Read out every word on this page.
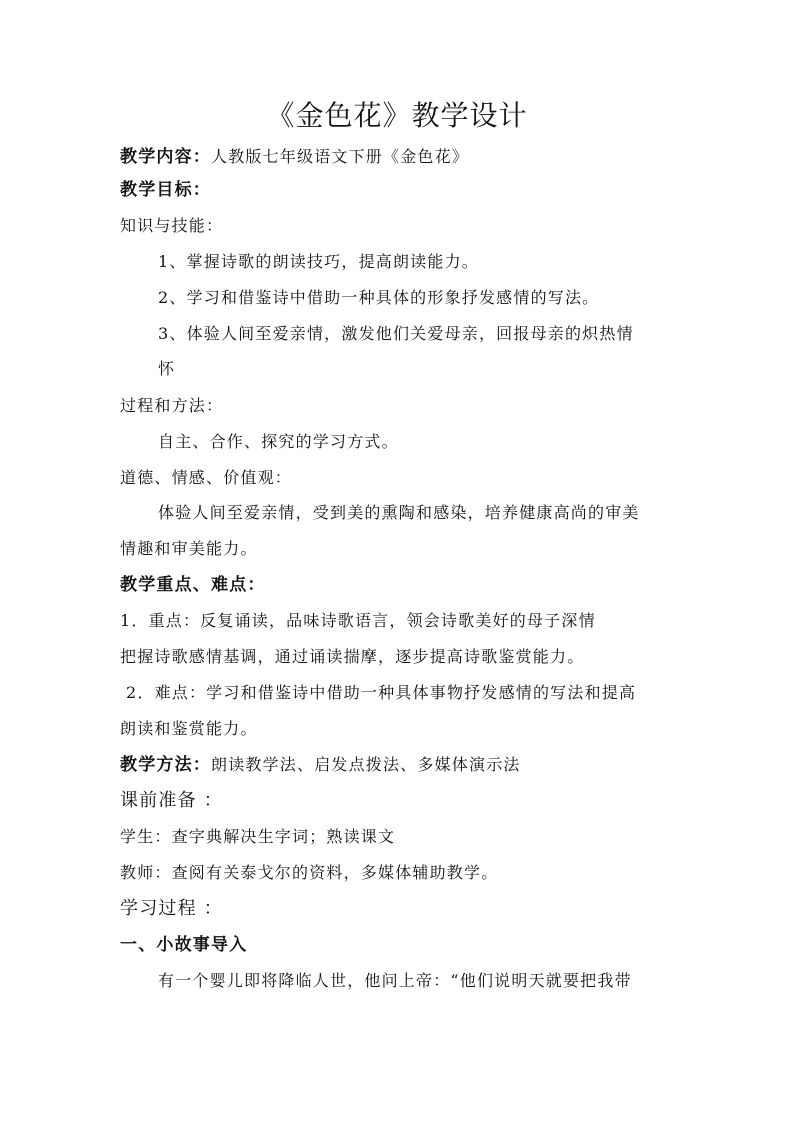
《金色花》教学设计
教学内容：人教版七年级语文下册《金色花》
教学目标：
知识与技能：
1、掌握诗歌的朗读技巧，提高朗读能力。
2、学习和借鉴诗中借助一种具体的形象抒发感情的写法。
3、体验人间至爱亲情，激发他们关爱母亲，回报母亲的炽热情
怀
过程和方法：
自主、合作、探究的学习方式。
道德、情感、价值观：
体验人间至爱亲情，受到美的熏陶和感染，培养健康高尚的审美
情趣和审美能力。
教学重点、难点：
1．重点：反复诵读，品味诗歌语言，领会诗歌美好的母子深情
把握诗歌感情基调，通过诵读揣摩，逐步提高诗歌鉴赏能力。
2．难点：学习和借鉴诗中借助一种具体事物抒发感情的写法和提高
朗读和鉴赏能力。
教学方法：朗读教学法、启发点拨法、多媒体演示法
课前准备 ：
学生：查字典解决生字词；熟读课文
教师：查阅有关泰戈尔的资料，多媒体辅助教学。
学习过程 ：
一、小故事导入
有一个婴儿即将降临人世，他问上帝：“他们说明天就要把我带
